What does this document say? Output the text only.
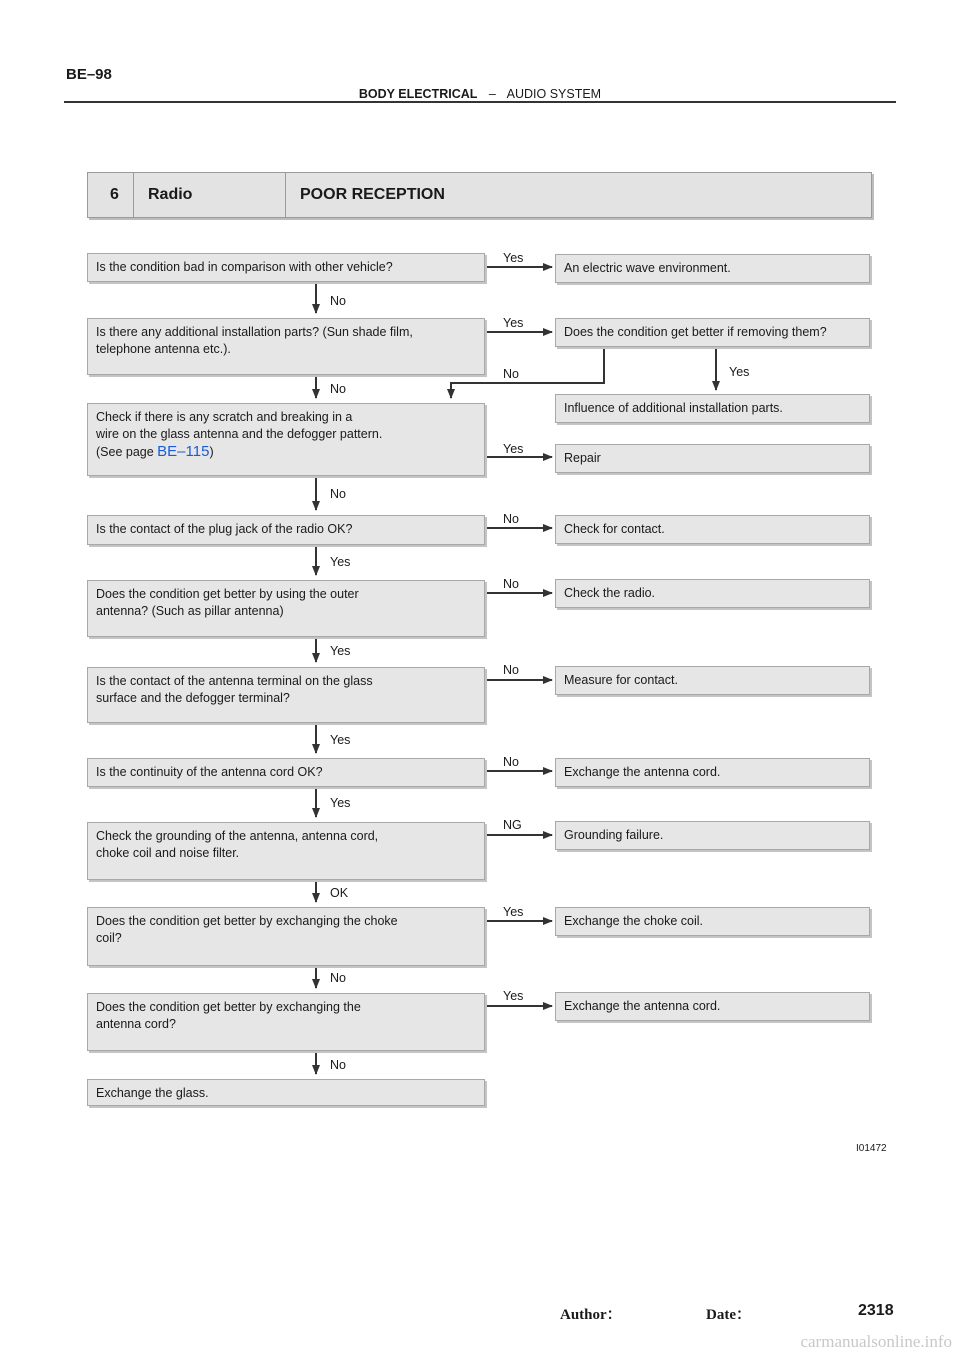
BE–98
BODY ELECTRICAL – AUDIO SYSTEM
6 Radio	POOR RECEPTION
Is the condition bad in comparison with other vehicle?
Is there any additional installation parts? (Sun shade film,
telephone antenna etc.).
Check if there is any scratch and breaking in a
wire on the glass antenna and the defogger pattern.
(See page BE–115)
Is the contact of the plug jack of the radio OK?
Does the condition get better by using the outer
antenna? (Such as pillar antenna)
Is the contact of the antenna terminal on the glass
surface and the defogger terminal?
Is the continuity of the antenna cord OK?
Check the grounding of the antenna, antenna cord,
choke coil and noise filter.
Does the condition get better by exchanging the choke
coil?
Does the condition get better by exchanging the
antenna cord?
Exchange the glass.
An electric wave environment.
Does the condition get better if removing them?
Influence of additional installation parts.
Repair
Check for contact.
Check the radio.
Measure for contact.
Exchange the antenna cord.
Grounding failure.
Exchange the choke coil.
Exchange the antenna cord.
Yes
No
Yes
No	Yes
No
Yes
No
No
Yes
No
Yes
No
Yes
No
Yes
NG
OK
Yes
No
Yes
No
I01472
Author：	Date：	2318
carmanualsonline.info
